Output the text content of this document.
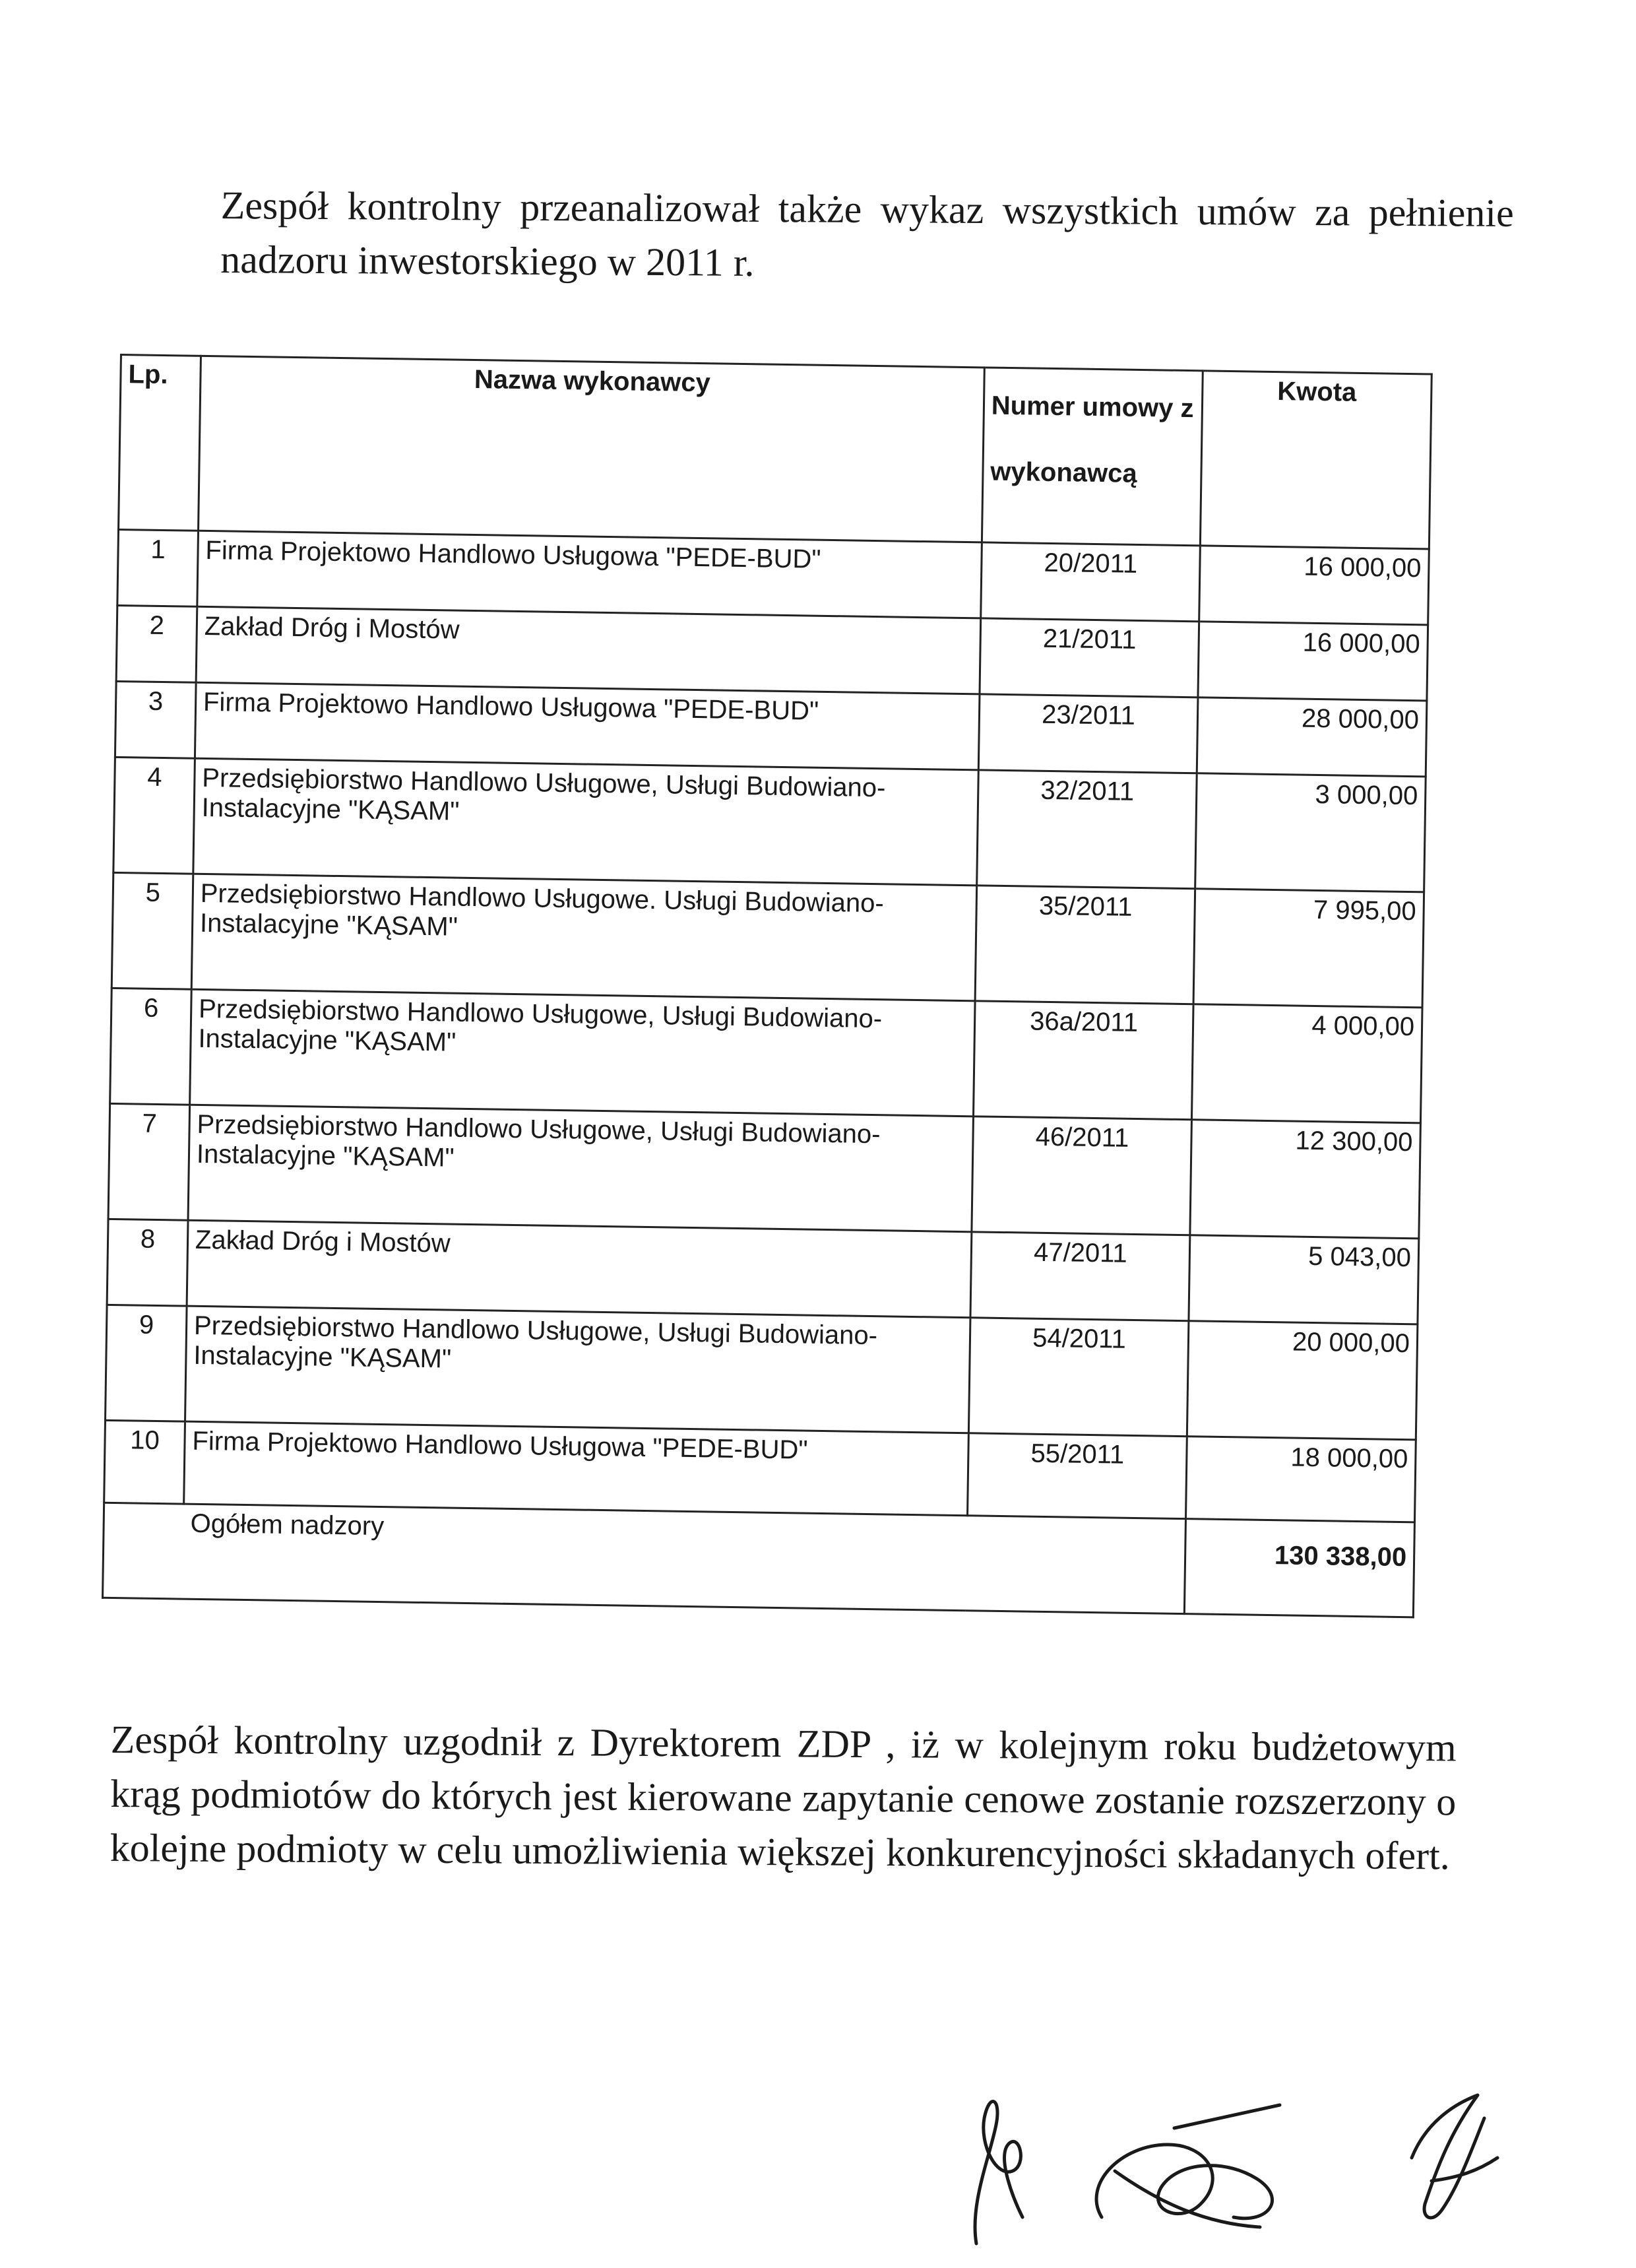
Zespół kontrolny przeanalizował także wykaz wszystkich umów za pełnienie nadzoru inwestorskiego w 2011 r.

Lp.	Nazwa wykonawcy	Numer umowy z wykonawcą	Kwota
1	Firma Projektowo Handlowo Usługowa "PEDE-BUD"	20/2011	16 000,00
2	Zakład Dróg i Mostów	21/2011	16 000,00
3	Firma Projektowo Handlowo Usługowa "PEDE-BUD"	23/2011	28 000,00
4	Przedsiębiorstwo Handlowo Usługowe, Usługi Budowiano-Instalacyjne "KĄSAM"	32/2011	3 000,00
5	Przedsiębiorstwo Handlowo Usługowe. Usługi Budowiano-Instalacyjne "KĄSAM"	35/2011	7 995,00
6	Przedsiębiorstwo Handlowo Usługowe, Usługi Budowiano-Instalacyjne "KĄSAM"	36a/2011	4 000,00
7	Przedsiębiorstwo Handlowo Usługowe, Usługi Budowiano-Instalacyjne "KĄSAM"	46/2011	12 300,00
8	Zakład Dróg i Mostów	47/2011	5 043,00
9	Przedsiębiorstwo Handlowo Usługowe, Usługi Budowiano-Instalacyjne "KĄSAM"	54/2011	20 000,00
10	Firma Projektowo Handlowo Usługowa "PEDE-BUD"	55/2011	18 000,00
Ogółem nadzory			130 338,00

Zespół kontrolny uzgodnił z Dyrektorem ZDP , iż w kolejnym roku budżetowym krąg podmiotów do których jest kierowane zapytanie cenowe zostanie rozszerzony o kolejne podmioty w celu umożliwienia większej konkurencyjności składanych ofert.
